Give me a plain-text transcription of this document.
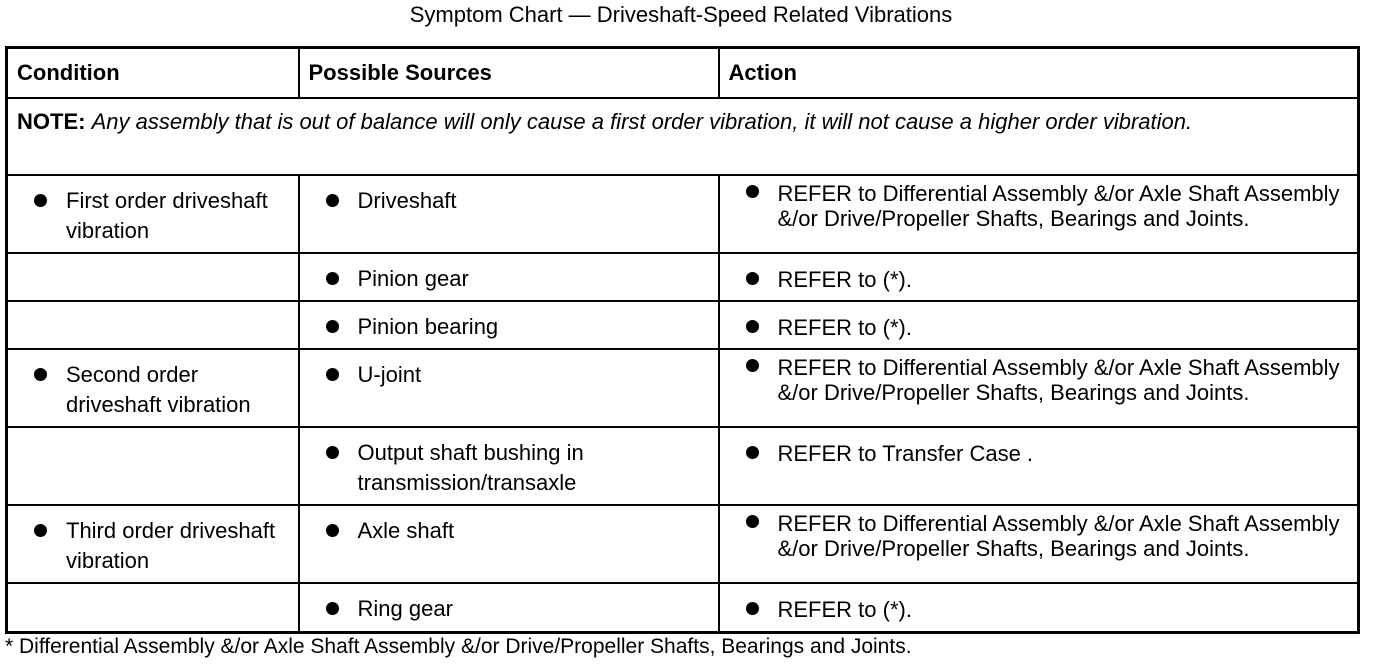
Symptom Chart — Driveshaft-Speed Related Vibrations
Condition	Possible Sources	Action
NOTE: Any assembly that is out of balance will only cause a first order vibration, it will not cause a higher order vibration.		

First order driveshaft vibration	Driveshaft	REFER to Differential Assembly &/or Axle Shaft Assembly &/or Drive/Propeller Shafts, Bearings and Joints.

	Pinion gear	REFER to (*).

	Pinion bearing	REFER to (*).

Second order driveshaft vibration	U-joint	REFER to Differential Assembly &/or Axle Shaft Assembly &/or Drive/Propeller Shafts, Bearings and Joints.

	Output shaft bushing in transmission/transaxle	REFER to Transfer Case .

Third order driveshaft vibration	Axle shaft	REFER to Differential Assembly &/or Axle Shaft Assembly &/or Drive/Propeller Shafts, Bearings and Joints.

	Ring gear	REFER to (*).
* Differential Assembly &/or Axle Shaft Assembly &/or Drive/Propeller Shafts, Bearings and Joints.
